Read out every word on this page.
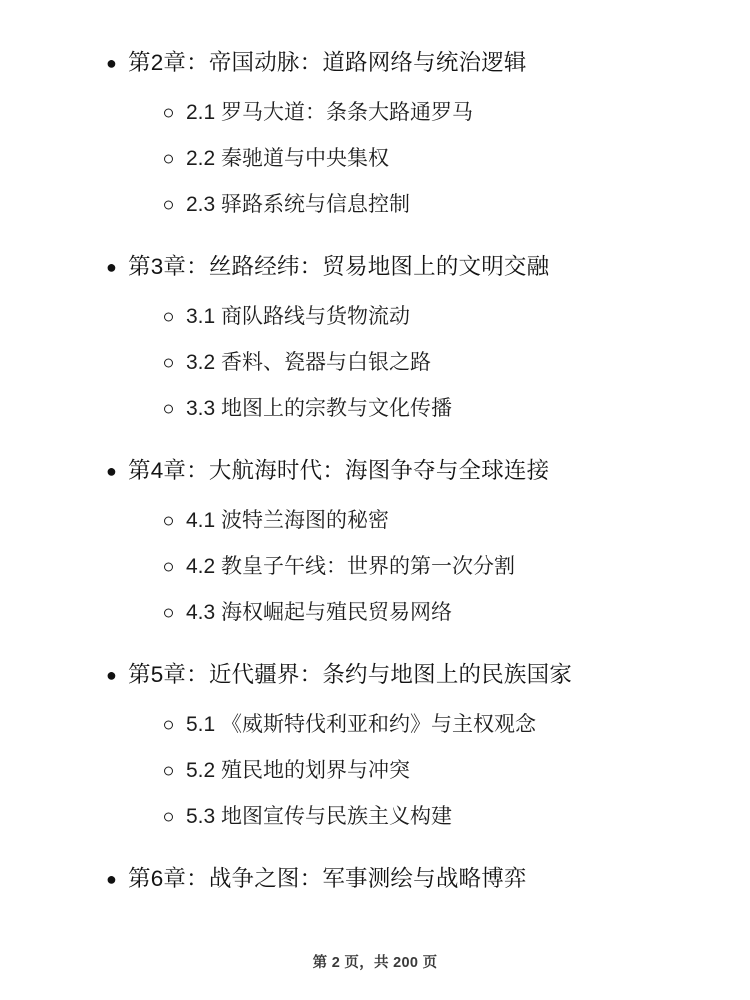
● 第2章：帝国动脉：道路网络与统治逻辑
2.1 罗马大道：条条大路通罗马
2.2 秦驰道与中央集权
2.3 驿路系统与信息控制
● 第3章：丝路经纬：贸易地图上的文明交融
3.1 商队路线与货物流动
3.2 香料、瓷器与白银之路
3.3 地图上的宗教与文化传播
● 第4章：大航海时代：海图争夺与全球连接
4.1 波特兰海图的秘密
4.2 教皇子午线：世界的第一次分割
4.3 海权崛起与殖民贸易网络
● 第5章：近代疆界：条约与地图上的民族国家
5.1 《威斯特伐利亚和约》与主权观念
5.2 殖民地的划界与冲突
5.3 地图宣传与民族主义构建
● 第6章：战争之图：军事测绘与战略博弈
第 2 页，共 200 页
